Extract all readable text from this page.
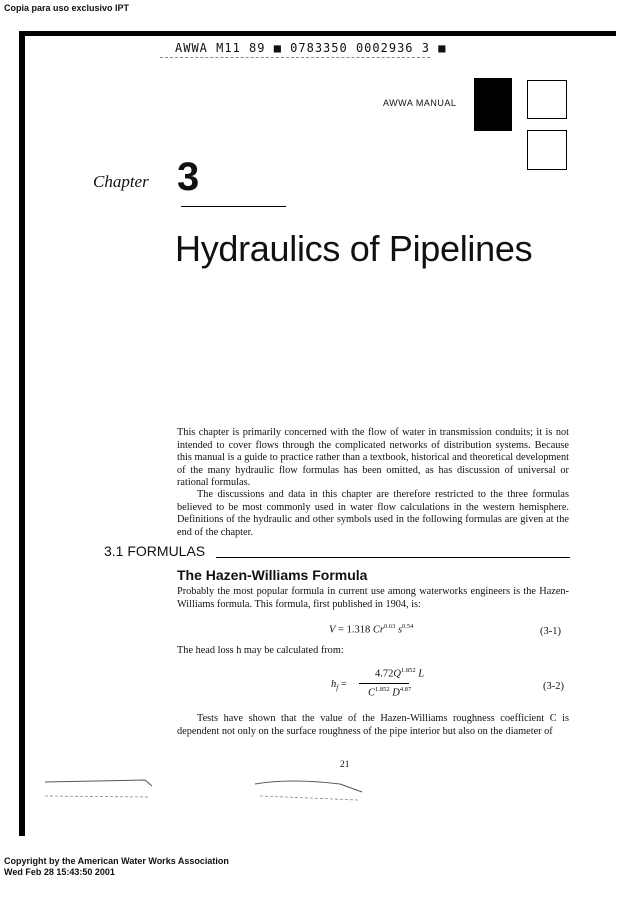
Copia para uso exclusivo IPT
AWWA M11 89 ■ 0783350 0002936 3 ■
AWWA MANUAL
Chapter 3
Hydraulics of Pipelines
This chapter is primarily concerned with the flow of water in transmission conduits; it is not intended to cover flows through the complicated networks of distribution systems. Because this manual is a guide to practice rather than a textbook, historical and theoretical development of the many hydraulic flow formulas has been omitted, as has discussion of universal or rational formulas.
The discussions and data in this chapter are therefore restricted to the three formulas believed to be most commonly used in water flow calculations in the western hemisphere. Definitions of the hydraulic and other symbols used in the following formulas are given at the end of the chapter.
3.1 FORMULAS
The Hazen-Williams Formula
Probably the most popular formula in current use among waterworks engineers is the Hazen-Williams formula. This formula, first published in 1904, is:
V = 1.318 $Cr^{0.63}$ $s^{0.54}$	(3-1)
The head loss h may be calculated from:
$h_f$ =
$4.72Q^{1.852}$ L
$C^{1.852}$ $D^{4.87}$	(3-2)
Tests have shown that the value of the Hazen-Williams roughness coefficient C is dependent not only on the surface roughness of the pipe interior but also on the diameter of
21
Copyright by the American Water Works Association
Wed Feb 28 15:43:50 2001
